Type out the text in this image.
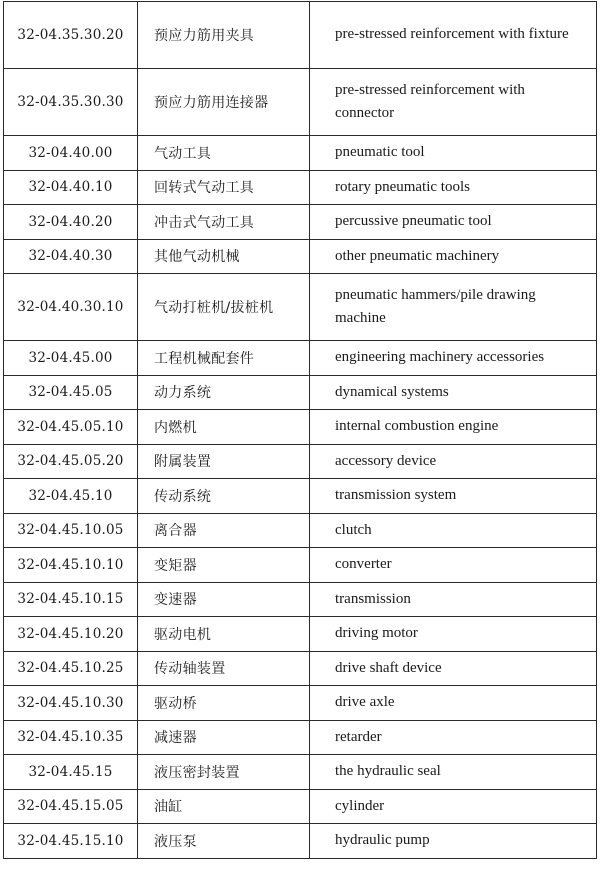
32-04.35.30.20	预应力筋用夹具	pre-stressed reinforcement with fixture
32-04.35.30.30	预应力筋用连接器	pre-stressed reinforcement with connector
32-04.40.00	气动工具	pneumatic tool
32-04.40.10	回转式气动工具	rotary pneumatic tools
32-04.40.20	冲击式气动工具	percussive pneumatic tool
32-04.40.30	其他气动机械	other pneumatic machinery
32-04.40.30.10	气动打桩机/拔桩机	pneumatic hammers/pile drawing machine
32-04.45.00	工程机械配套件	engineering machinery accessories
32-04.45.05	动力系统	dynamical systems
32-04.45.05.10	内燃机	internal combustion engine
32-04.45.05.20	附属装置	accessory device
32-04.45.10	传动系统	transmission system
32-04.45.10.05	离合器	clutch
32-04.45.10.10	变矩器	converter
32-04.45.10.15	变速器	transmission
32-04.45.10.20	驱动电机	driving motor
32-04.45.10.25	传动轴装置	drive shaft device
32-04.45.10.30	驱动桥	drive axle
32-04.45.10.35	减速器	retarder
32-04.45.15	液压密封装置	the hydraulic seal
32-04.45.15.05	油缸	cylinder
32-04.45.15.10	液压泵	hydraulic pump
